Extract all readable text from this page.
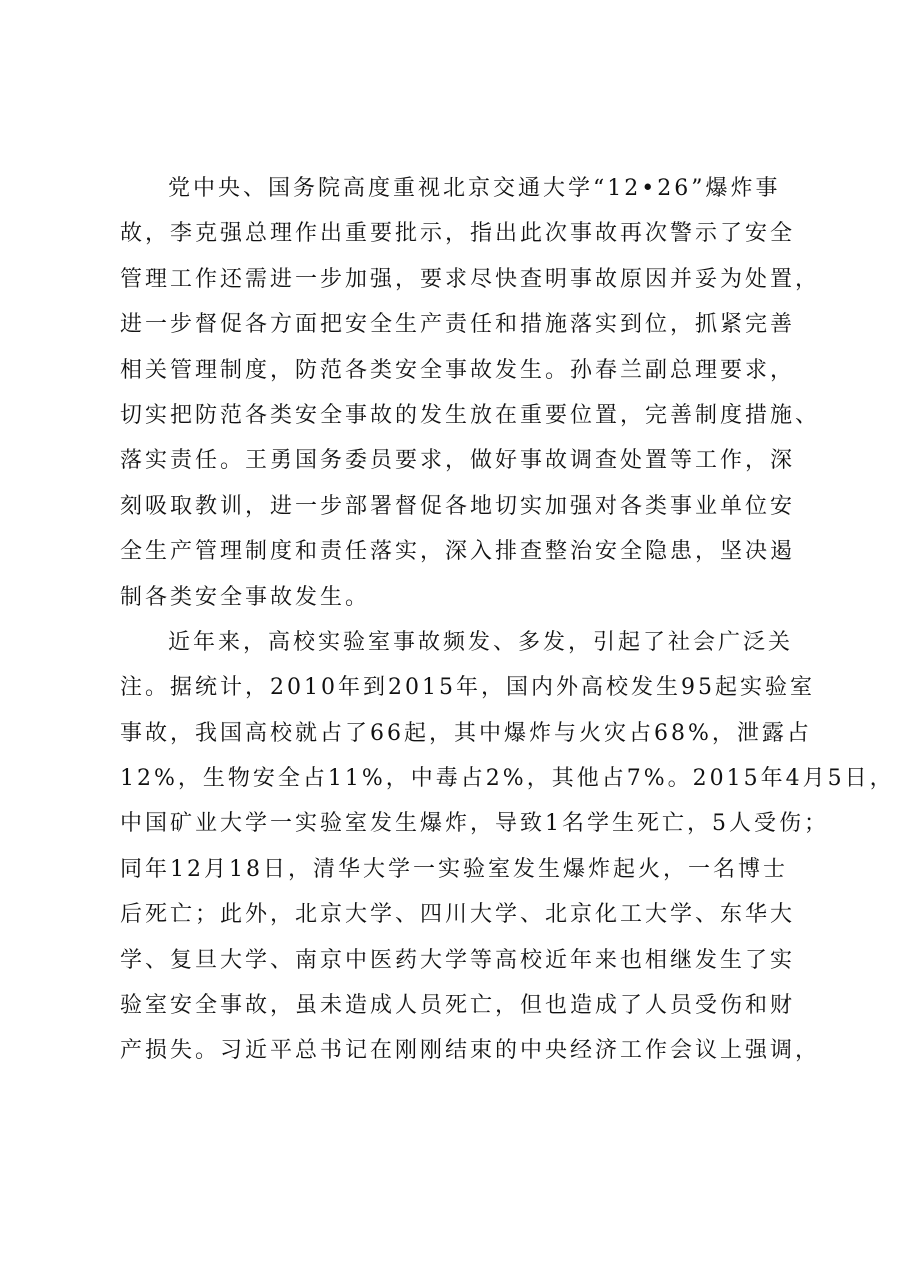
党中央、国务院高度重视北京交通大学“12•26”爆炸事

故，李克强总理作出重要批示，指出此次事故再次警示了安全

管理工作还需进一步加强，要求尽快查明事故原因并妥为处置，

进一步督促各方面把安全生产责任和措施落实到位，抓紧完善

相关管理制度，防范各类安全事故发生。孙春兰副总理要求，

切实把防范各类安全事故的发生放在重要位置，完善制度措施、

落实责任。王勇国务委员要求，做好事故调查处置等工作，深

刻吸取教训，进一步部署督促各地切实加强对各类事业单位安

全生产管理制度和责任落实，深入排查整治安全隐患，坚决遏

制各类安全事故发生。

近年来，高校实验室事故频发、多发，引起了社会广泛关

注。据统计，2010年到2015年，国内外高校发生95起实验室

事故，我国高校就占了66起，其中爆炸与火灾占68%，泄露占

12%，生物安全占11%，中毒占2%，其他占7%。2015年4月5日，

中国矿业大学一实验室发生爆炸，导致1名学生死亡，5人受伤；

同年12月18日，清华大学一实验室发生爆炸起火，一名博士

后死亡；此外，北京大学、四川大学、北京化工大学、东华大

学、复旦大学、南京中医药大学等高校近年来也相继发生了实

验室安全事故，虽未造成人员死亡，但也造成了人员受伤和财

产损失。习近平总书记在刚刚结束的中央经济工作会议上强调，
